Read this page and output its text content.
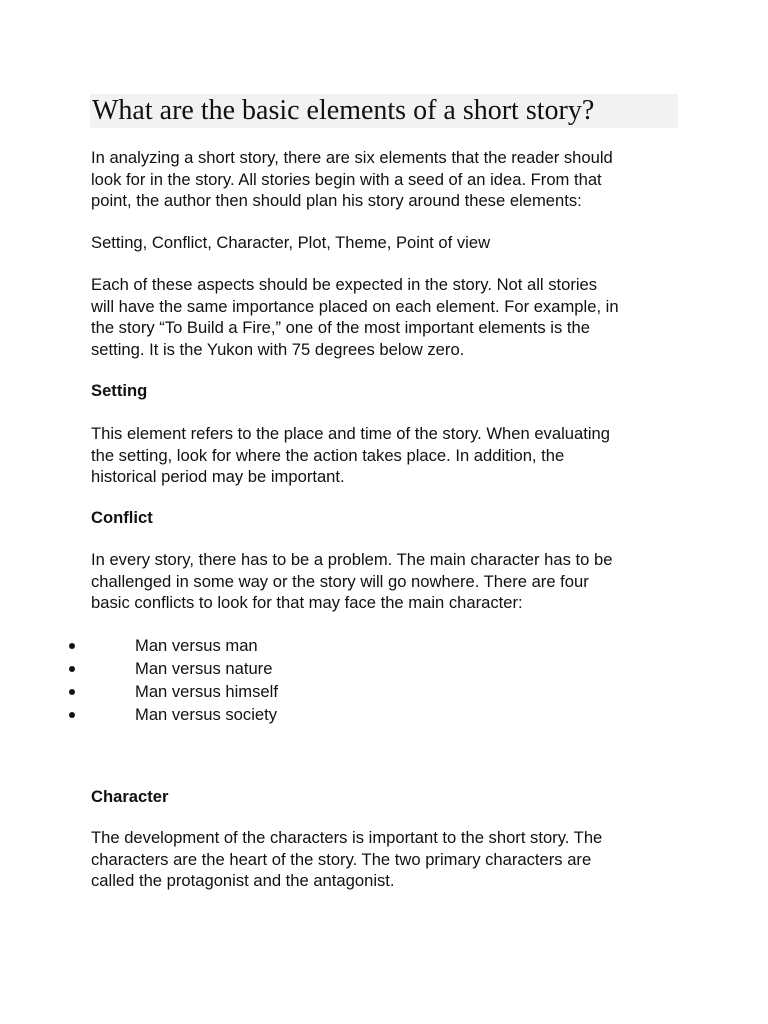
What are the basic elements of a short story?
In analyzing a short story, there are six elements that the reader should
look for in the story. All stories begin with a seed of an idea. From that
point, the author then should plan his story around these elements:
Setting, Conflict, Character, Plot, Theme, Point of view
Each of these aspects should be expected in the story. Not all stories
will have the same importance placed on each element. For example, in
the story “To Build a Fire,” one of the most important elements is the
setting. It is the Yukon with 75 degrees below zero.
Setting
This element refers to the place and time of the story. When evaluating
the setting, look for where the action takes place. In addition, the
historical period may be important.
Conflict
In every story, there has to be a problem. The main character has to be
challenged in some way or the story will go nowhere. There are four
basic conflicts to look for that may face the main character:
Man versus man
Man versus nature
Man versus himself
Man versus society
Character
The development of the characters is important to the short story. The
characters are the heart of the story. The two primary characters are
called the protagonist and the antagonist.
